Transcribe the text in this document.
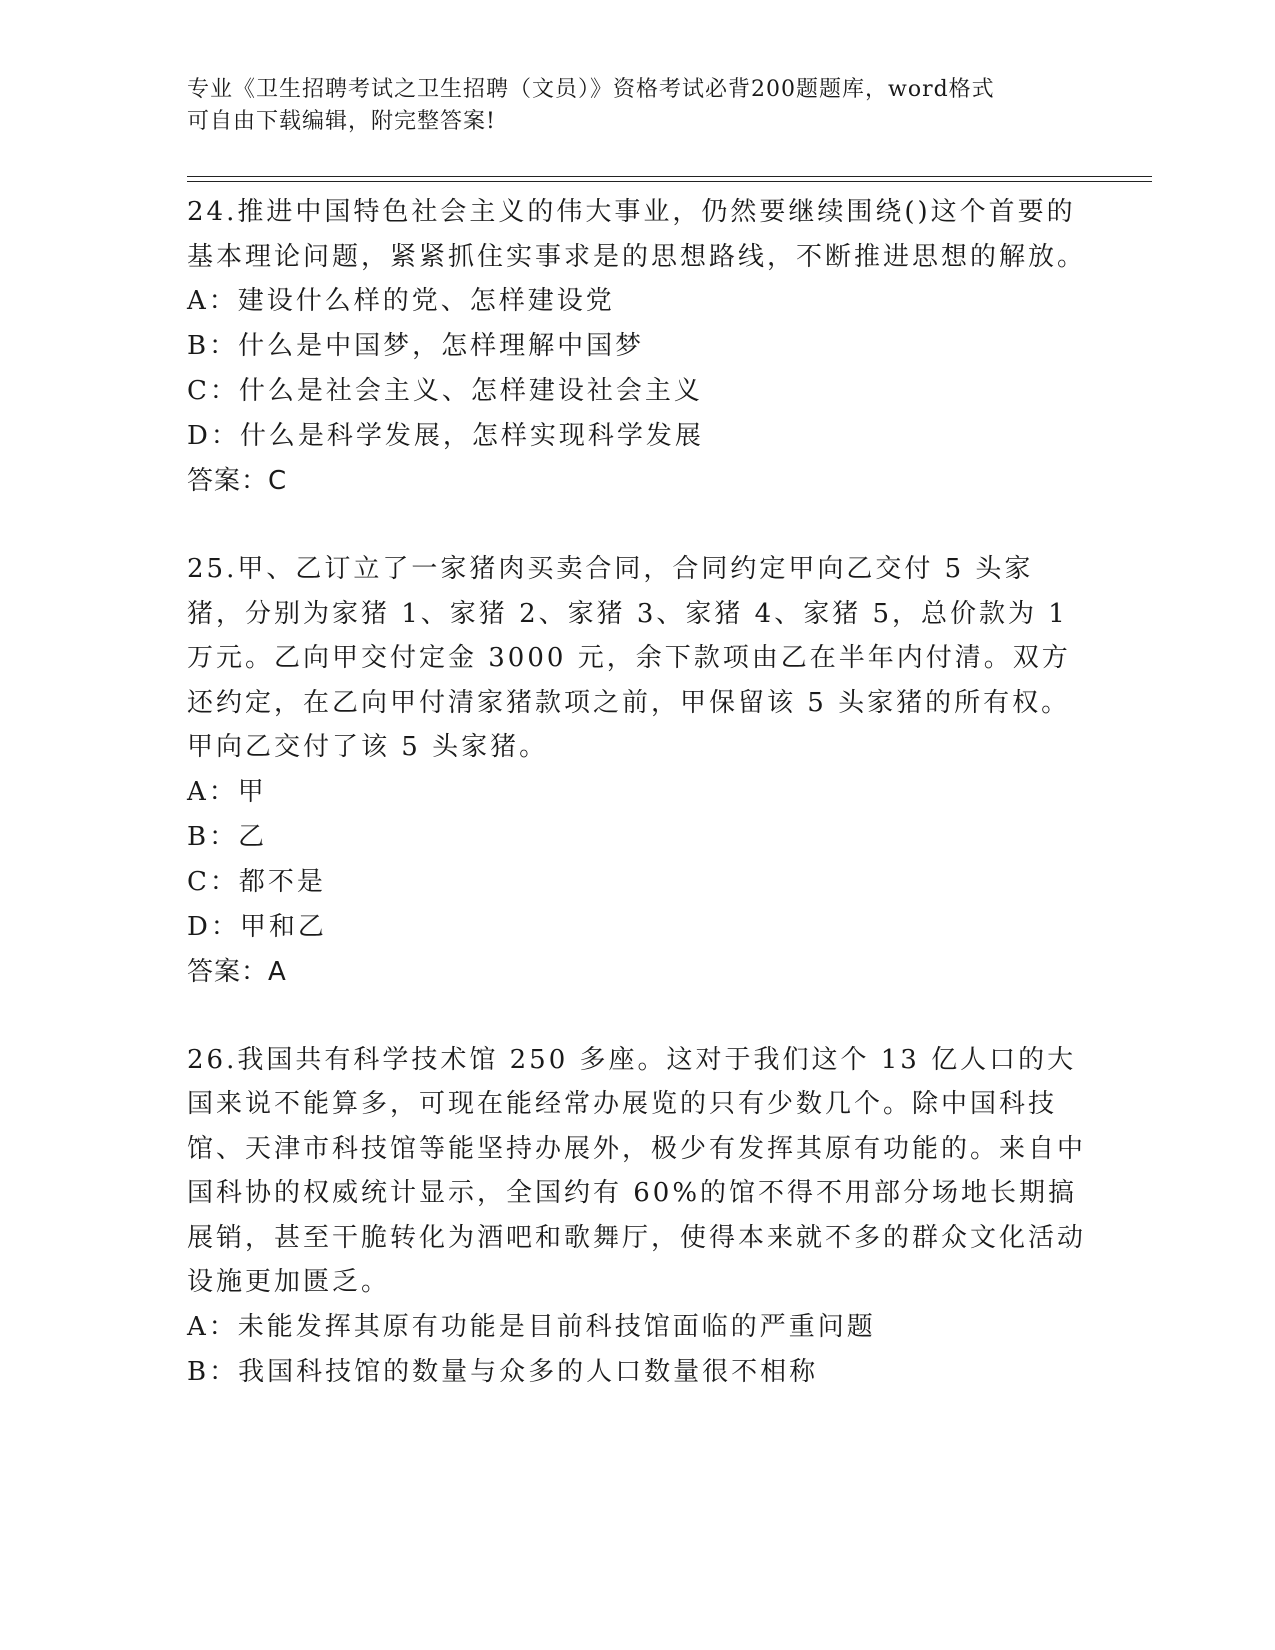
专业《卫生招聘考试之卫生招聘（文员）》资格考试必背200题题库，word格式
可自由下载编辑，附完整答案!

24.推进中国特色社会主义的伟大事业，仍然要继续围绕()这个首要的基本理论问题，紧紧抓住实事求是的思想路线，不断推进思想的解放。

A：建设什么样的党、怎样建设党

B：什么是中国梦，怎样理解中国梦

C：什么是社会主义、怎样建设社会主义

D：什么是科学发展，怎样实现科学发展

答案：C

25.甲、乙订立了一家猪肉买卖合同，合同约定甲向乙交付 5 头家猪，分别为家猪 1、家猪 2、家猪 3、家猪 4、家猪 5，总价款为 1 万元。乙向甲交付定金 3000 元，余下款项由乙在半年内付清。双方还约定，在乙向甲付清家猪款项之前，甲保留该 5 头家猪的所有权。甲向乙交付了该 5 头家猪。

A：甲

B：乙

C：都不是

D：甲和乙

答案：A

26.我国共有科学技术馆 250 多座。这对于我们这个 13 亿人口的大国来说不能算多，可现在能经常办展览的只有少数几个。除中国科技馆、天津市科技馆等能坚持办展外，极少有发挥其原有功能的。来自中国科协的权威统计显示，全国约有 60%的馆不得不用部分场地长期搞展销，甚至干脆转化为酒吧和歌舞厅，使得本来就不多的群众文化活动设施更加匮乏。

A：未能发挥其原有功能是目前科技馆面临的严重问题

B：我国科技馆的数量与众多的人口数量很不相称
